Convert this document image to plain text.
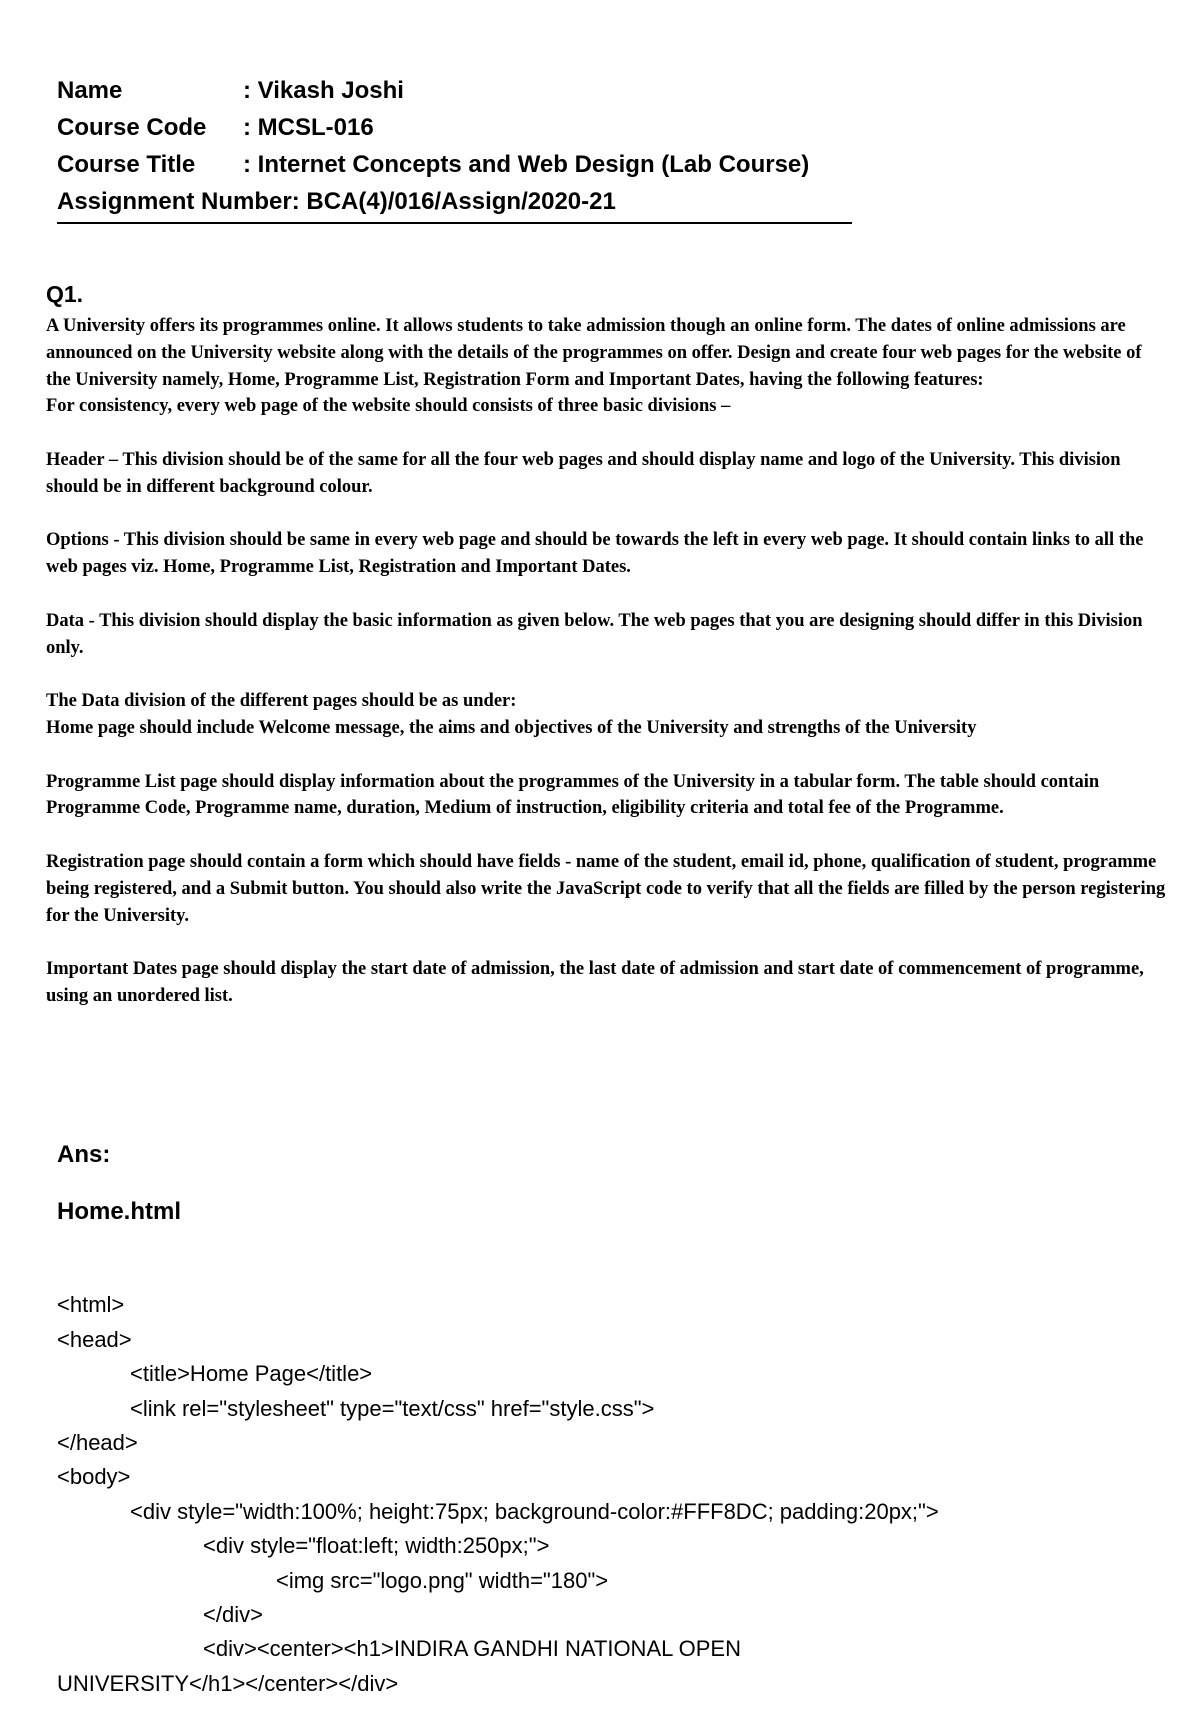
Name	: Vikash Joshi
Course Code	: MCSL-016
Course Title	: Internet Concepts and Web Design (Lab Course)
Assignment Number: BCA(4)/016/Assign/2020-21
Q1.

A University offers its programmes online. It allows students to take admission though an online form. The dates of online admissions are announced on the University website along with the details of the programmes on offer. Design and create four web pages for the website of the University namely, Home, Programme List, Registration Form and Important Dates, having the following features:

For consistency, every web page of the website should consists of three basic divisions –

Header – This division should be of the same for all the four web pages and should display name and logo of the University. This division should be in different background colour.

Options - This division should be same in every web page and should be towards the left in every web page. It should contain links to all the web pages viz. Home, Programme List, Registration and Important Dates.

Data - This division should display the basic information as given below. The web pages that you are designing should differ in this Division only.

The Data division of the different pages should be as under:

Home page should include Welcome message, the aims and objectives of the University and strengths of the University

Programme List page should display information about the programmes of the University in a tabular form. The table should contain Programme Code, Programme name, duration, Medium of instruction, eligibility criteria and total fee of the Programme.

Registration page should contain a form which should have fields - name of the student, email id, phone, qualification of student, programme being registered, and a Submit button. You should also write the JavaScript code to verify that all the fields are filled by the person registering for the University.

Important Dates page should display the start date of admission, the last date of admission and start date of commencement of programme, using an unordered list.

Ans:
Home.html

<html>
<head>
<title>Home Page</title>
<link rel="stylesheet" type="text/css" href="style.css">
</head>
<body>
<div style="width:100%; height:75px; background-color:#FFF8DC; padding:20px;">
<div style="float:left; width:250px;">
<img src="logo.png" width="180">
</div>
<div><center><h1>INDIRA GANDHI NATIONAL OPEN
UNIVERSITY</h1></center></div>
